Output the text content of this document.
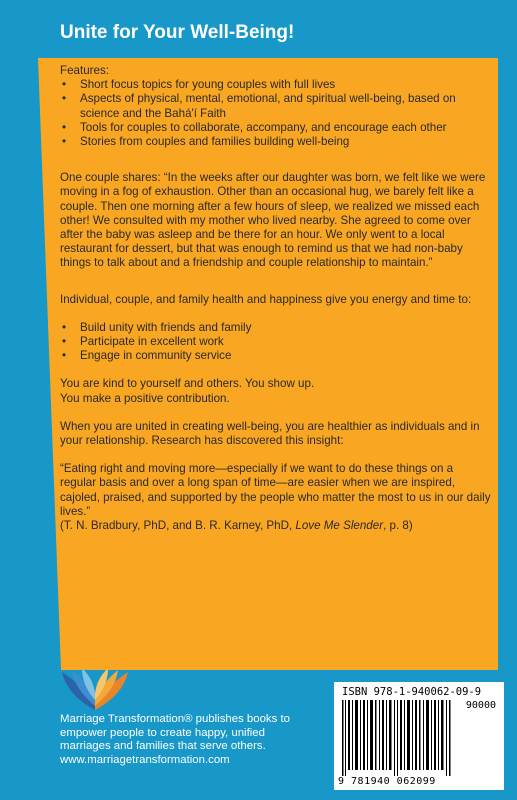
Unite for Your Well-Being!
Features:
• Short focus topics for young couples with full lives
• Aspects of physical, mental, emotional, and spiritual well-being, based on science and the Bahá'í Faith
• Tools for couples to collaborate, accompany, and encourage each other
• Stories from couples and families building well-being

One couple shares: “In the weeks after our daughter was born, we felt like we were moving in a fog of exhaustion. Other than an occasional hug, we barely felt like a couple. Then one morning after a few hours of sleep, we realized we missed each other! We consulted with my mother who lived nearby. She agreed to come over after the baby was asleep and be there for an hour. We only went to a local restaurant for dessert, but that was enough to remind us that we had non-baby things to talk about and a friendship and couple relationship to maintain.”

Individual, couple, and family health and happiness give you energy and time to:

• Build unity with friends and family
• Participate in excellent work
• Engage in community service

You are kind to yourself and others. You show up.
You make a positive contribution.

When you are united in creating well-being, you are healthier as individuals and in your relationship. Research has discovered this insight:

“Eating right and moving more—especially if we want to do these things on a regular basis and over a long span of time—are easier when we are inspired, cajoled, praised, and supported by the people who matter the most to us in our daily lives.”
(T. N. Bradbury, PhD, and B. R. Karney, PhD, Love Me Slender, p. 8)

Marriage Transformation® publishes books to empower people to create happy, unified marriages and families that serve others.
www.marriagetransformation.com
ISBN 978-1-940062-09-9
90000
9 781940 062099
